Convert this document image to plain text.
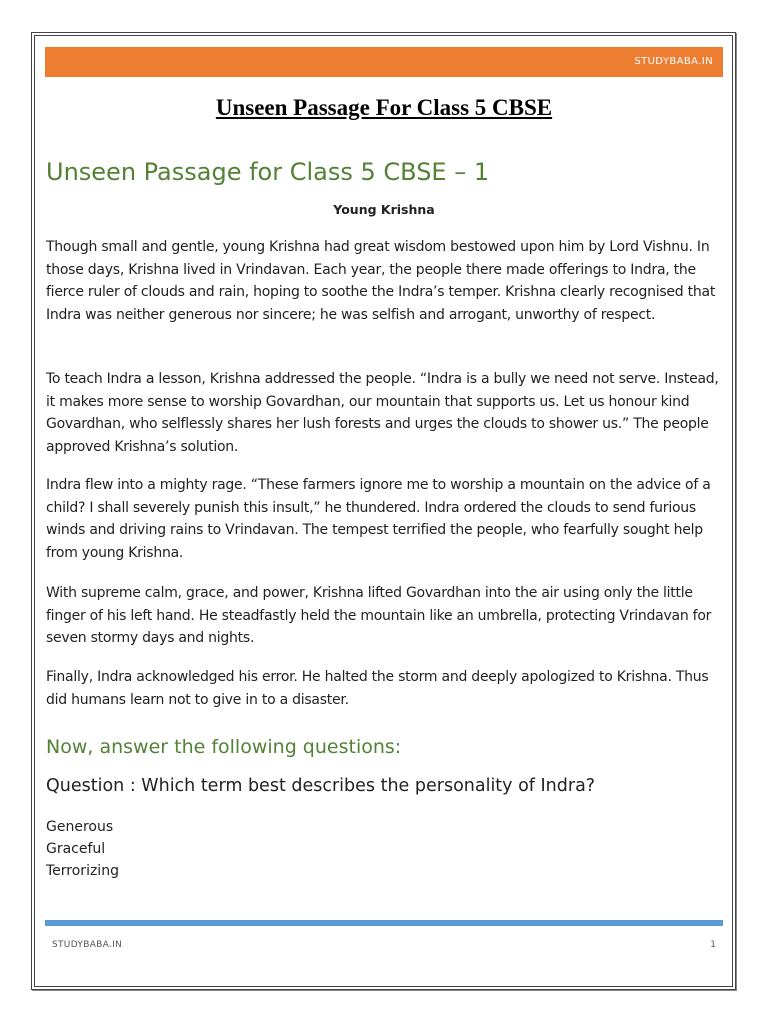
STUDYBABA.IN
Unseen Passage For Class 5 CBSE
Unseen Passage for Class 5 CBSE – 1
Young Krishna

Though small and gentle, young Krishna had great wisdom bestowed upon him by Lord Vishnu. In those days, Krishna lived in Vrindavan. Each year, the people there made offerings to Indra, the fierce ruler of clouds and rain, hoping to soothe the Indra’s temper. Krishna clearly recognised that Indra was neither generous nor sincere; he was selfish and arrogant, unworthy of respect.

To teach Indra a lesson, Krishna addressed the people. “Indra is a bully we need not serve. Instead, it makes more sense to worship Govardhan, our mountain that supports us. Let us honour kind Govardhan, who selflessly shares her lush forests and urges the clouds to shower us.” The people approved Krishna’s solution.

Indra flew into a mighty rage. “These farmers ignore me to worship a mountain on the advice of a child? I shall severely punish this insult,” he thundered. Indra ordered the clouds to send furious winds and driving rains to Vrindavan. The tempest terrified the people, who fearfully sought help from young Krishna.

With supreme calm, grace, and power, Krishna lifted Govardhan into the air using only the little finger of his left hand. He steadfastly held the mountain like an umbrella, protecting Vrindavan for seven stormy days and nights.

Finally, Indra acknowledged his error. He halted the storm and deeply apologized to Krishna. Thus did humans learn not to give in to a disaster.

Now, answer the following questions:
Question : Which term best describes the personality of Indra?
Generous
Graceful
Terrorizing
STUDYBABA.IN	1
